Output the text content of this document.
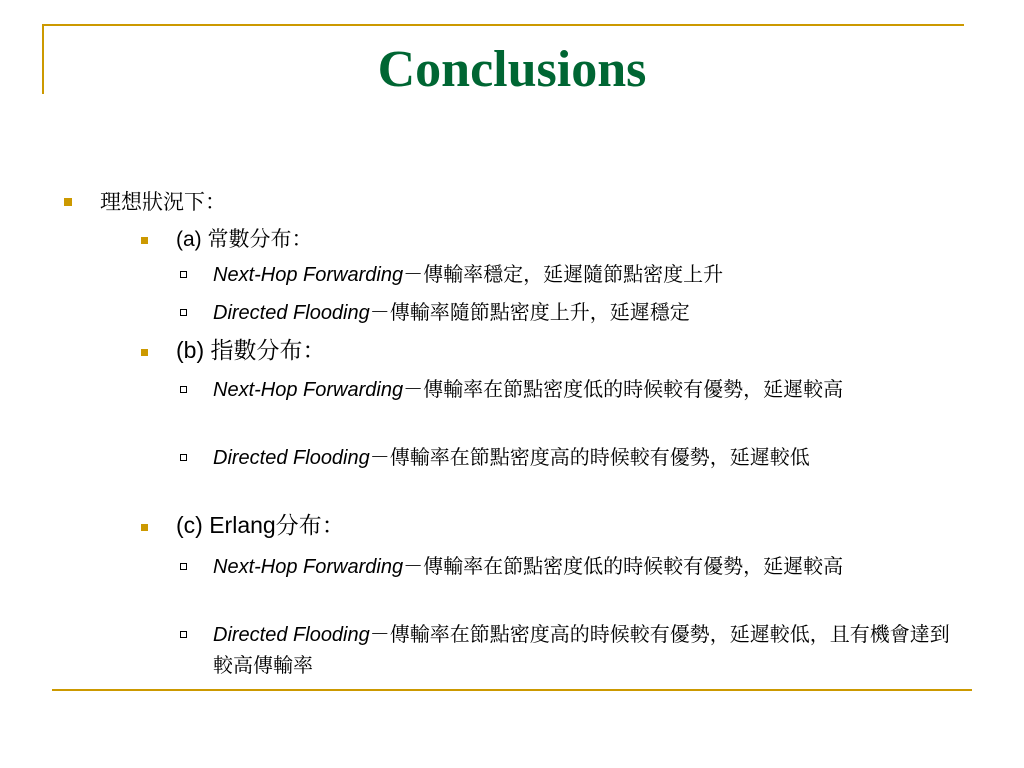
Conclusions
理想狀況下：
(a) 常數分布：
Next-Hop Forwarding－傳輸率穩定，延遲隨節點密度上升
Directed Flooding－傳輸率隨節點密度上升，延遲穩定
(b) 指數分布：
Next-Hop Forwarding－傳輸率在節點密度低的時候較有優勢，延遲較高
Directed Flooding－傳輸率在節點密度高的時候較有優勢，延遲較低
(c) Erlang分布：
Next-Hop Forwarding－傳輸率在節點密度低的時候較有優勢，延遲較高
Directed Flooding－傳輸率在節點密度高的時候較有優勢，延遲較低，且有機會達到較高傳輸率
